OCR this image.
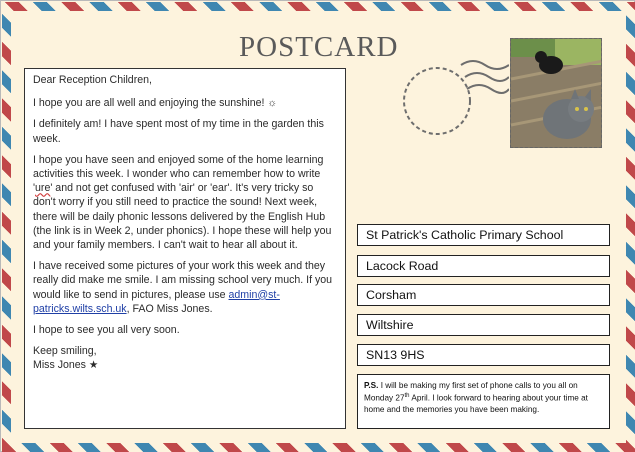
POSTCARD

Dear Reception Children,

I hope you are all well and enjoying the sunshine! ☼

I definitely am! I have spent most of my time in the garden this week.

I hope you have seen and enjoyed some of the home learning activities this week. I wonder who can remember how to write 'ure' and not get confused with 'air' or 'ear'. It's very tricky so don't worry if you still need to practice the sound! Next week, there will be daily phonic lessons delivered by the English Hub (the link is in Week 2, under phonics). I hope these will help you and your family members. I can't wait to hear all about it.

I have received some pictures of your work this week and they really did make me smile. I am missing school very much. If you would like to send in pictures, please use admin@st-patricks.wilts.sch.uk, FAO Miss Jones.

I hope to see you all very soon.

Keep smiling,

Miss Jones ★

St Patrick's Catholic Primary School
Lacock Road
Corsham
Wiltshire
SN13 9HS
P.S. I will be making my first set of phone calls to you all on Monday 27th April. I look forward to hearing about your time at home and the memories you have been making.
